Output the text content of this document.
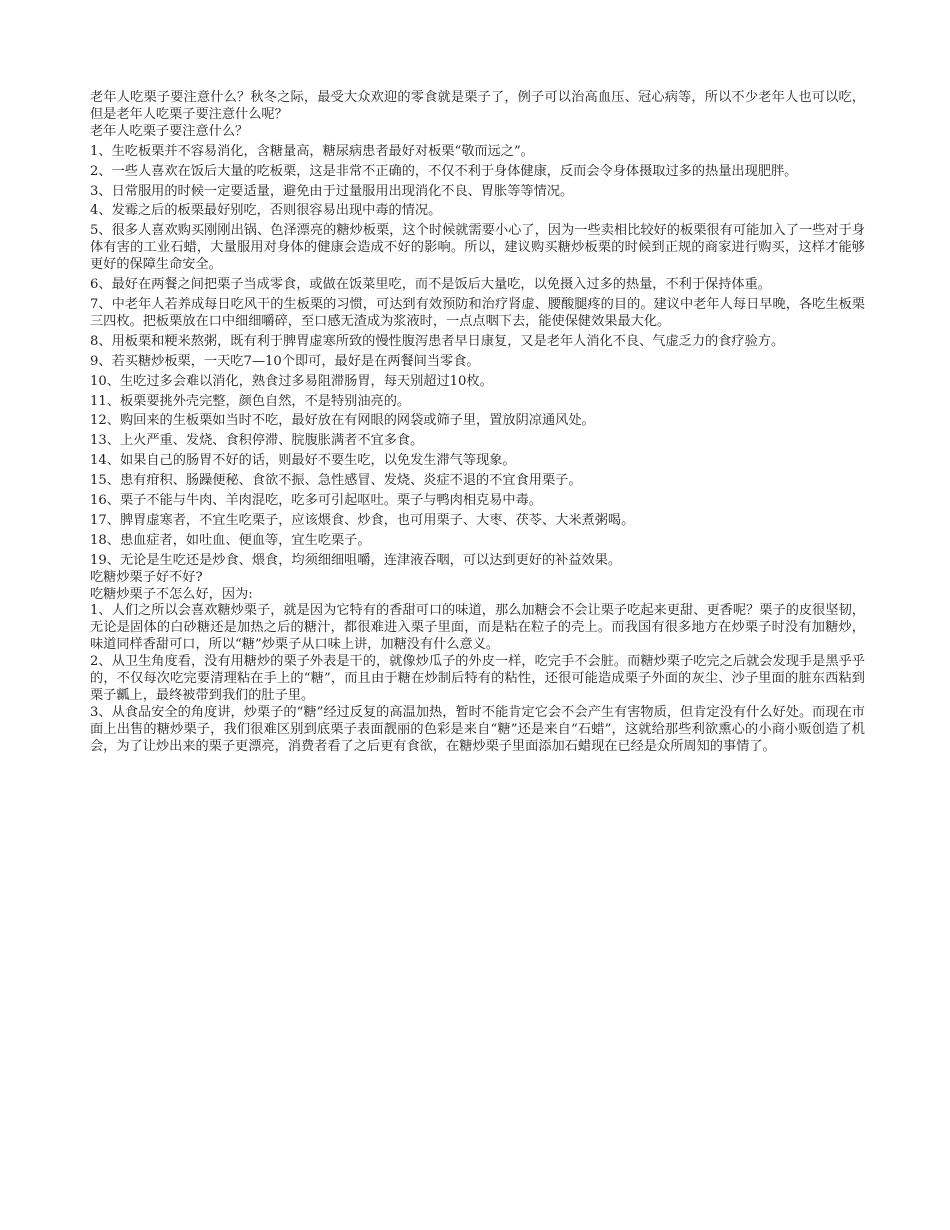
老年人吃栗子要注意什么？秋冬之际，最受大众欢迎的零食就是栗子了，例子可以治高血压、冠心病等，所以不少老年人也可以吃，但是老年人吃栗子要注意什么呢？

老年人吃栗子要注意什么？

1、生吃板栗并不容易消化，含糖量高，糖尿病患者最好对板栗“敬而远之”。

2、一些人喜欢在饭后大量的吃板栗，这是非常不正确的，不仅不利于身体健康，反而会令身体摄取过多的热量出现肥胖。

3、日常服用的时候一定要适量，避免由于过量服用出现消化不良、胃胀等等情况。

4、发霉之后的板栗最好别吃，否则很容易出现中毒的情况。

5、很多人喜欢购买刚刚出锅、色泽漂亮的糖炒板栗，这个时候就需要小心了，因为一些卖相比较好的板栗很有可能加入了一些对于身体有害的工业石蜡，大量服用对身体的健康会造成不好的影响。所以，建议购买糖炒板栗的时候到正规的商家进行购买，这样才能够更好的保障生命安全。

6、最好在两餐之间把栗子当成零食，或做在饭菜里吃，而不是饭后大量吃，以免摄入过多的热量，不利于保持体重。

7、中老年人若养成每日吃风干的生板栗的习惯，可达到有效预防和治疗肾虚、腰酸腿疼的目的。建议中老年人每日早晚，各吃生板栗三四枚。把板栗放在口中细细嚼碎，至口感无渣成为浆液时，一点点咽下去，能使保健效果最大化。

8、用板栗和粳米熬粥，既有利于脾胃虚寒所致的慢性腹泻患者早日康复，又是老年人消化不良、气虚乏力的食疗验方。

9、若买糖炒板栗，一天吃7—10个即可，最好是在两餐间当零食。

10、生吃过多会难以消化，熟食过多易阻滞肠胃，每天别超过10枚。

11、板栗要挑外壳完整，颜色自然，不是特别油亮的。

12、购回来的生板栗如当时不吃，最好放在有网眼的网袋或筛子里，置放阴凉通风处。

13、上火严重、发烧、食积停滞、脘腹胀满者不宜多食。

14、如果自己的肠胃不好的话，则最好不要生吃，以免发生滞气等现象。

15、患有疳积、肠躁便秘、食欲不振、急性感冒、发烧、炎症不退的不宜食用栗子。

16、栗子不能与牛肉、羊肉混吃，吃多可引起呕吐。栗子与鸭肉相克易中毒。

17、脾胃虚寒者，不宜生吃栗子，应该煨食、炒食，也可用栗子、大枣、茯苓、大米煮粥喝。

18、患血症者，如吐血、便血等，宜生吃栗子。

19、无论是生吃还是炒食、煨食，均须细细咀嚼，连津液吞咽，可以达到更好的补益效果。

吃糖炒栗子好不好?

吃糖炒栗子不怎么好，因为:

1、人们之所以会喜欢糖炒栗子，就是因为它特有的香甜可口的味道，那么加糖会不会让栗子吃起来更甜、更香呢？栗子的皮很坚韧，无论是固体的白砂糖还是加热之后的糖汁，都很难进入栗子里面，而是粘在粒子的壳上。而我国有很多地方在炒栗子时没有加糖炒，味道同样香甜可口，所以“糖”炒栗子从口味上讲，加糖没有什么意义。

2、从卫生角度看，没有用糖炒的栗子外表是干的，就像炒瓜子的外皮一样，吃完手不会脏。而糖炒栗子吃完之后就会发现手是黑乎乎的，不仅每次吃完要清理粘在手上的“糖”，而且由于糖在炒制后特有的粘性，还很可能造成栗子外面的灰尘、沙子里面的脏东西粘到栗子瓤上，最终被带到我们的肚子里。

3、从食品安全的角度讲，炒栗子的“糖”经过反复的高温加热，暂时不能肯定它会不会产生有害物质，但肯定没有什么好处。而现在市面上出售的糖炒栗子，我们很难区别到底栗子表面靓丽的色彩是来自“糖”还是来自“石蜡”，这就给那些利欲熏心的小商小贩创造了机会，为了让炒出来的栗子更漂亮，消费者看了之后更有食欲，在糖炒栗子里面添加石蜡现在已经是众所周知的事情了。
